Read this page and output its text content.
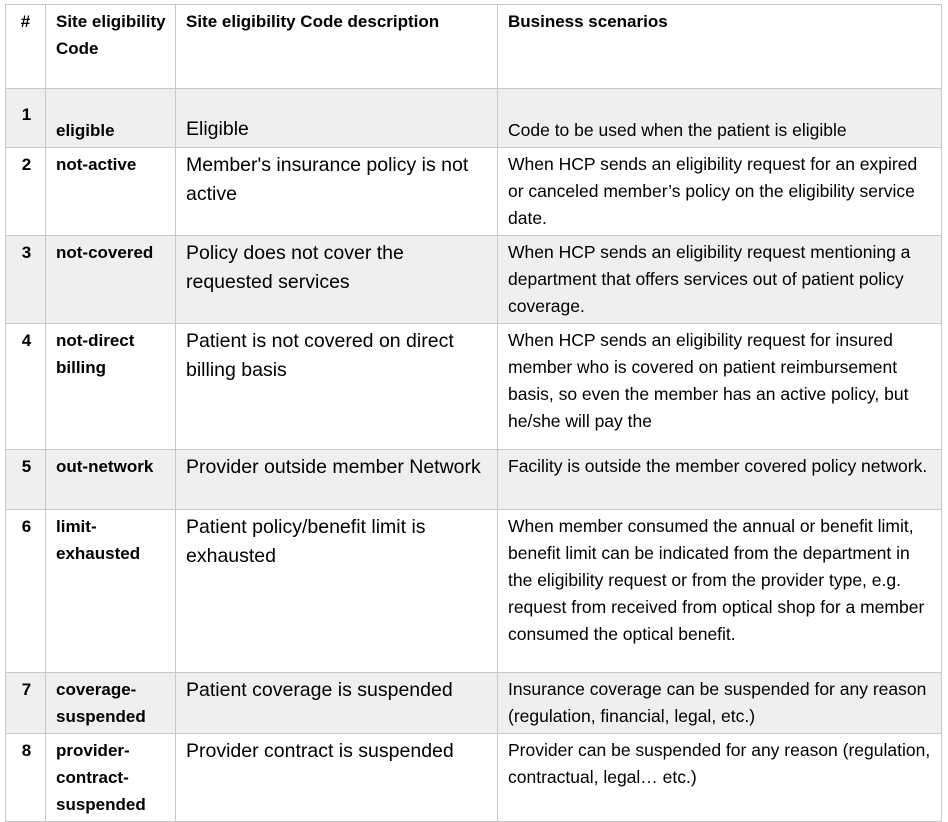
#	Site eligibility Code	Site eligibility Code description	Business scenarios
1	eligible	Eligible	Code to be used when the patient is eligible
2	not-active	Member's insurance policy is not active	When HCP sends an eligibility request for an expired or canceled member’s policy on the eligibility service date.
3	not-covered	Policy does not cover the requested services	When HCP sends an eligibility request mentioning a department that offers services out of patient policy coverage.
4	not-direct billing	Patient is not covered on direct billing basis	When HCP sends an eligibility request for insured member who is covered on patient reimbursement basis, so even the member has an active policy, but he/she will pay the
5	out-network	Provider outside member Network	Facility is outside the member covered policy network.
6	limit-exhausted	Patient policy/benefit limit is exhausted	When member consumed the annual or benefit limit, benefit limit can be indicated from the department in the eligibility request or from the provider type, e.g. request from received from optical shop for a member consumed the optical benefit.
7	coverage-suspended	Patient coverage is suspended	Insurance coverage can be suspended for any reason (regulation, financial, legal, etc.)
8	provider-contract-suspended	Provider contract is suspended	Provider can be suspended for any reason (regulation, contractual, legal… etc.)
